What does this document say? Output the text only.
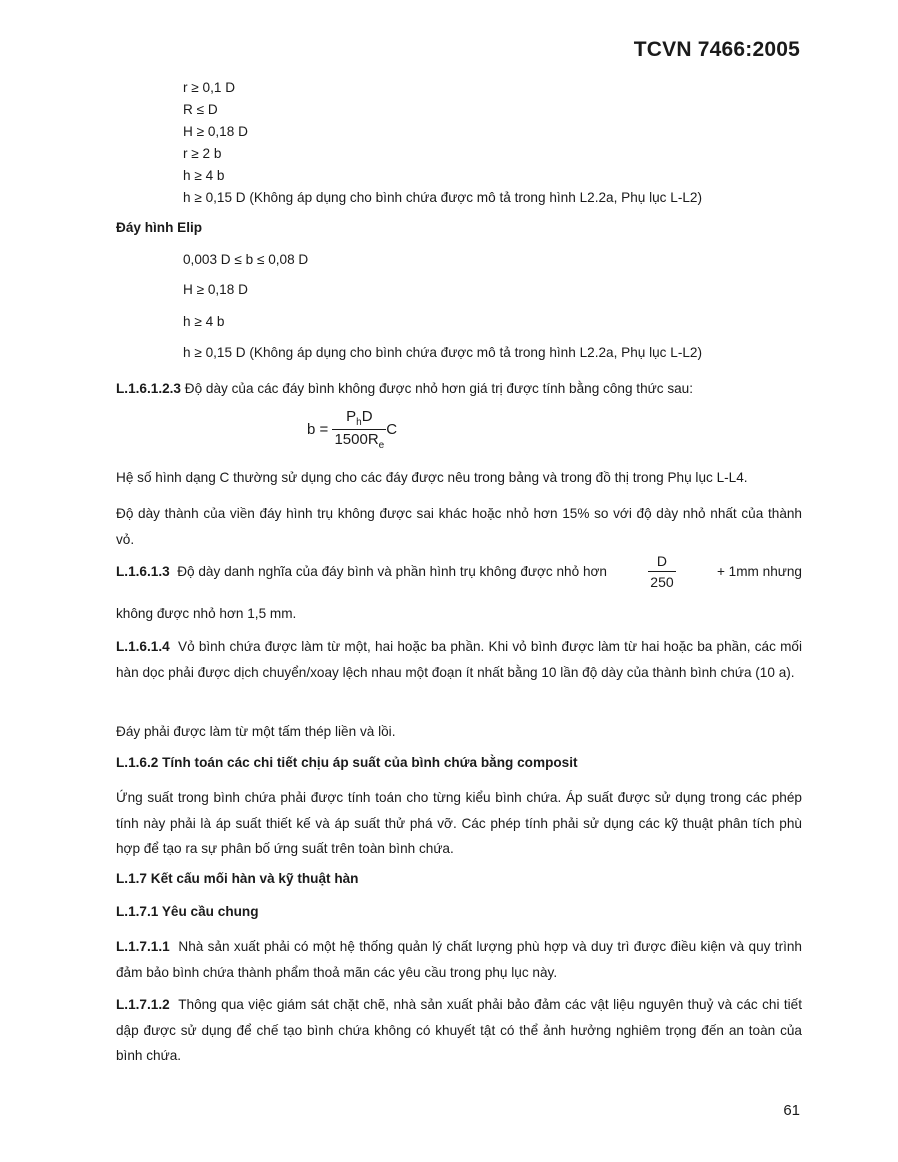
TCVN 7466:2005
r ≥ 0,1 D
R ≤ D
H ≥ 0,18 D
r ≥ 2 b
h ≥ 4 b
h ≥ 0,15 D (Không áp dụng cho bình chứa được mô tả trong hình L2.2a, Phụ lục L-L2)
Đáy hình Elip
0,003 D ≤ b ≤ 0,08 D
H ≥ 0,18 D
h ≥ 4 b
h ≥ 0,15 D (Không áp dụng cho bình chứa được mô tả trong hình L2.2a, Phụ lục L-L2)
L.1.6.1.2.3 Độ dày của các đáy bình không được nhỏ hơn giá trị được tính bằng công thức sau:
$b = \frac{P_hD}{1500R_e}$ C
Hệ số hình dạng C thường sử dụng cho các đáy được nêu trong bảng và trong đồ thị trong Phụ lục L-L4.
Độ dày thành của viền đáy hình trụ không được sai khác hoặc nhỏ hơn 15% so với độ dày nhỏ nhất của thành vỏ.
L.1.6.1.3 Độ dày danh nghĩa của đáy bình và phần hình trụ không được nhỏ hơn	$\frac{D}{250}$	+ 1mm nhưng
không được nhỏ hơn 1,5 mm.
L.1.6.1.4 Vỏ bình chứa được làm từ một, hai hoặc ba phần. Khi vỏ bình được làm từ hai hoặc ba phần, các mối hàn dọc phải được dịch chuyển/xoay lệch nhau một đoạn ít nhất bằng 10 lần độ dày của thành bình chứa (10 a).
Đáy phải được làm từ một tấm thép liền và lồi.
L.1.6.2 Tính toán các chi tiết chịu áp suất của bình chứa bằng composit
Ứng suất trong bình chứa phải được tính toán cho từng kiểu bình chứa. Áp suất được sử dụng trong các phép tính này phải là áp suất thiết kế và áp suất thử phá vỡ. Các phép tính phải sử dụng các kỹ thuật phân tích phù hợp để tạo ra sự phân bố ứng suất trên toàn bình chứa.
L.1.7 Kết cấu mối hàn và kỹ thuật hàn
L.1.7.1 Yêu cầu chung
L.1.7.1.1 Nhà sản xuất phải có một hệ thống quản lý chất lượng phù hợp và duy trì được điều kiện và quy trình đảm bảo bình chứa thành phẩm thoả mãn các yêu cầu trong phụ lục này.
L.1.7.1.2 Thông qua việc giám sát chặt chẽ, nhà sản xuất phải bảo đảm các vật liệu nguyên thuỷ và các chi tiết dập được sử dụng để chế tạo bình chứa không có khuyết tật có thể ảnh hưởng nghiêm trọng đến an toàn của bình chứa.
61
